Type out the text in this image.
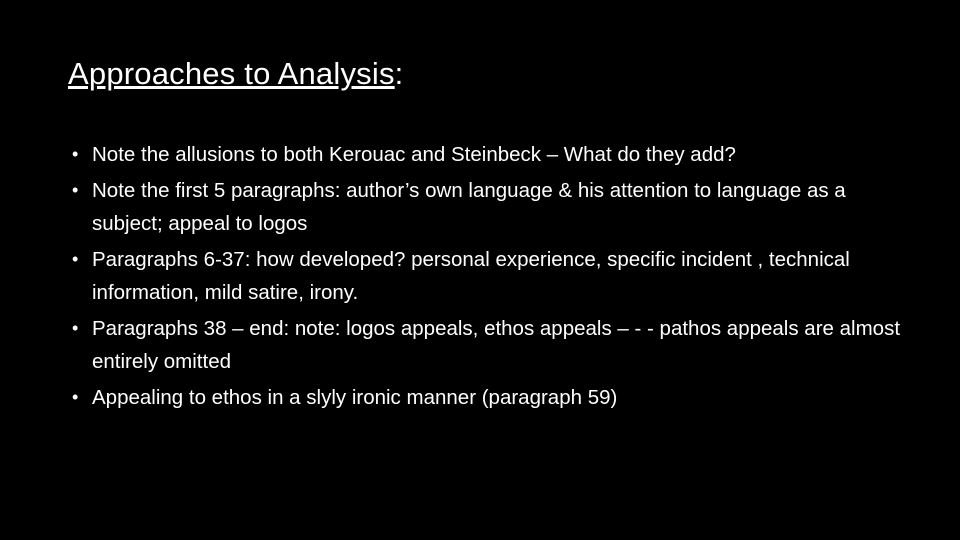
Approaches to Analysis:
• Note the allusions to both Kerouac and Steinbeck – What do they add?
• Note the first 5 paragraphs: author’s own language & his attention to language as a subject; appeal to logos
• Paragraphs 6-37: how developed? personal experience, specific incident , technical information, mild satire, irony.
• Paragraphs 38 – end: note: logos appeals, ethos appeals – - - pathos appeals are almost entirely omitted
• Appealing to ethos in a slyly ironic manner (paragraph 59)
